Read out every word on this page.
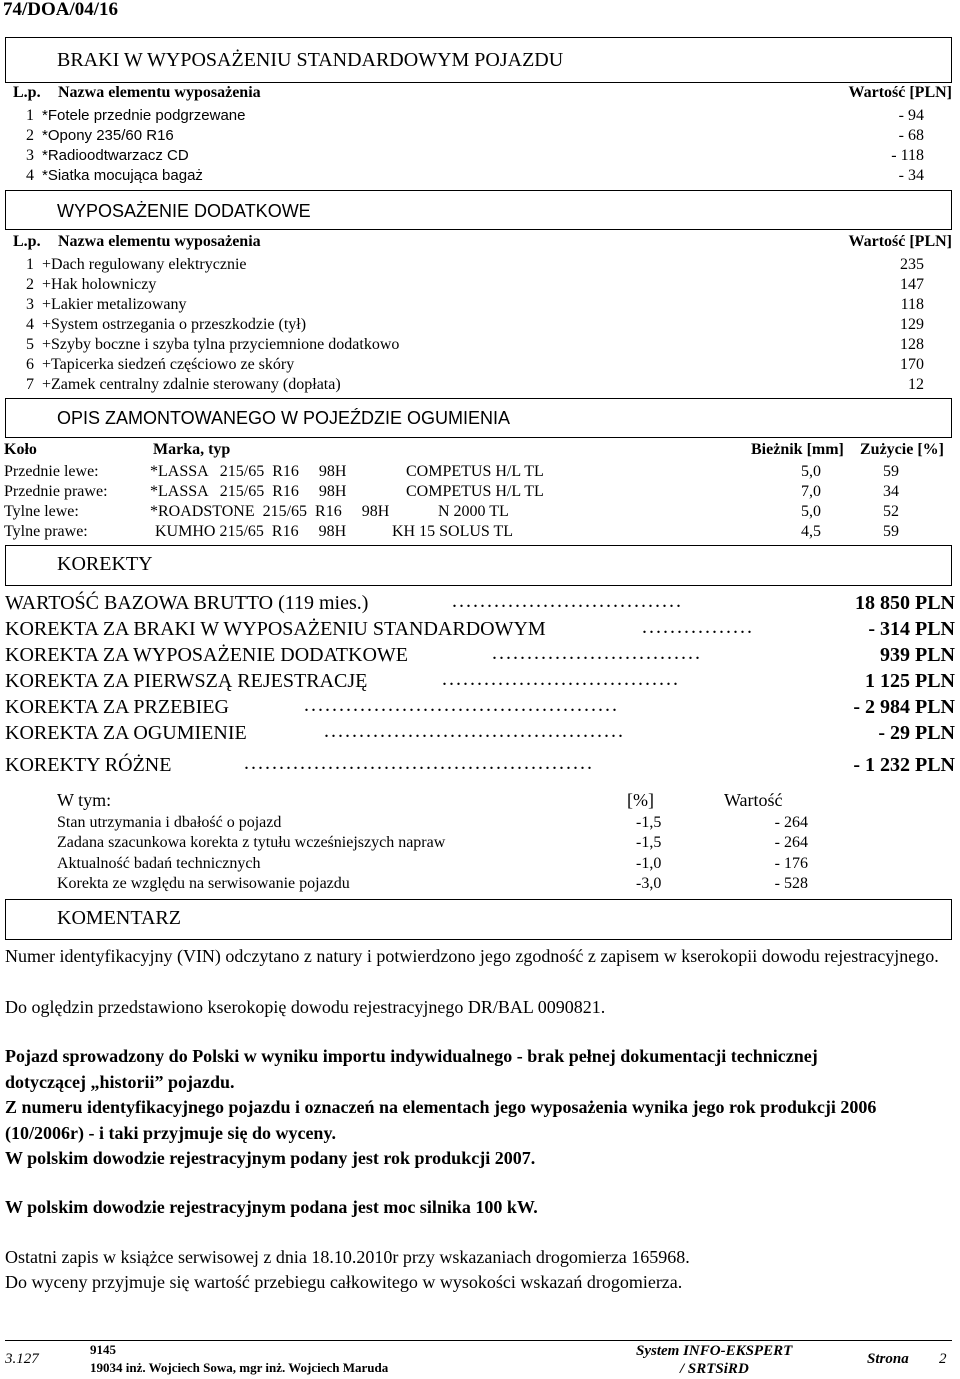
74/DOA/04/16
BRAKI W WYPOSAŻENIU STANDARDOWYM POJAZDU
L.p. Nazwa elementu wyposażenia	Wartość [PLN]
1 *Fotele przednie podgrzewane	- 94
2 *Opony 235/60 R16	- 68
3 *Radioodtwarzacz CD	- 118
4 *Siatka mocująca bagaż	- 34
WYPOSAŻENIE DODATKOWE
L.p. Nazwa elementu wyposażenia	Wartość [PLN]
1 +Dach regulowany elektrycznie	235
2 +Hak holowniczy	147
3 +Lakier metalizowany	118
4 +System ostrzegania o przeszkodzie (tył)	129
5 +Szyby boczne i szyba tylna przyciemnione dodatkowo	128
6 +Tapicerka siedzeń częściowo ze skóry	170
7 +Zamek centralny zdalnie sterowany (dopłata)	12
OPIS ZAMONTOWANEGO W POJEŹDZIE OGUMIENIA
Koło	Marka, typ	Bieżnik [mm] Zużycie [%]
Przednie lewe:	*LASSA   215/65  R16     98H	COMPETUS H/L TL	5,0	59
Przednie prawe:	*LASSA   215/65  R16     98H	COMPETUS H/L TL	7,0	34
Tylne lewe:	*ROADSTONE  215/65  R16     98H	N 2000 TL	5,0	52
Tylne prawe:	KUMHO 215/65  R16     98H	KH 15 SOLUS TL	4,5	59
KOREKTY
WARTOŚĆ BAZOWA BRUTTO (119 mies.)	.................................	18 850 PLN
KOREKTA ZA BRAKI W WYPOSAŻENIU STANDARDOWYM	................	- 314 PLN
KOREKTA ZA WYPOSAŻENIE DODATKOWE	..............................	939 PLN
KOREKTA ZA PIERWSZĄ REJESTRACJĘ	..................................	1 125 PLN
KOREKTA ZA PRZEBIEG	.............................................	- 2 984 PLN
KOREKTA ZA OGUMIENIE	...........................................	- 29 PLN
KOREKTY RÓŻNE	..................................................	- 1 232 PLN
W tym:	[%]	Wartość
Stan utrzymania i dbałość o pojazd	-1,5	- 264
Zadana szacunkowa korekta z tytułu wcześniejszych napraw	-1,5	- 264
Aktualność badań technicznych	-1,0	- 176
Korekta ze względu na serwisowanie pojazdu	-3,0	- 528
KOMENTARZ
Numer identyfikacyjny (VIN) odczytano z natury i potwierdzono jego zgodność z zapisem w kserokopii dowodu rejestracyjnego.
Do oględzin przedstawiono kserokopię dowodu rejestracyjnego DR/BAL 0090821.
Pojazd sprowadzony do Polski w wyniku importu indywidualnego - brak pełnej dokumentacji technicznej dotyczącej „historii” pojazdu.
Z numeru identyfikacyjnego pojazdu i oznaczeń na elementach jego wyposażenia wynika jego rok produkcji 2006 (10/2006r) - i taki przyjmuje się do wyceny.
W polskim dowodzie rejestracyjnym podany jest rok produkcji 2007.
W polskim dowodzie rejestracyjnym podana jest moc silnika 100 kW.
Ostatni zapis w książce serwisowej z dnia 18.10.2010r przy wskazaniach drogomierza 165968.
Do wyceny przyjmuje się wartość przebiegu całkowitego w wysokości wskazań drogomierza.
3.127
9145
19034 inż. Wojciech Sowa, mgr inż. Wojciech Maruda
System INFO-EKSPERT
/ SRTSiRD
Strona 2
